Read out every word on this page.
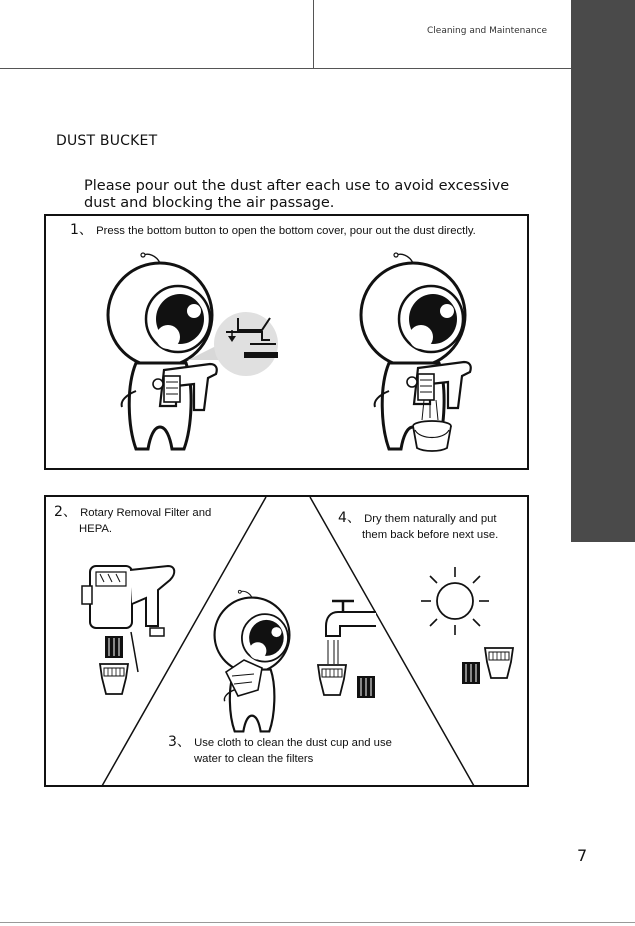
Cleaning and Maintenance
DUST BUCKET
Please pour out the dust after each use to avoid excessive dust and blocking the air passage.
1、 Press the bottom button to open the bottom cover, pour out the dust directly.
2、 Rotary Removal Filter and
HEPA.
4、 Dry them naturally and put
them back before next use.
3、 Use cloth to clean the dust cup and use
water to clean the filters
7
